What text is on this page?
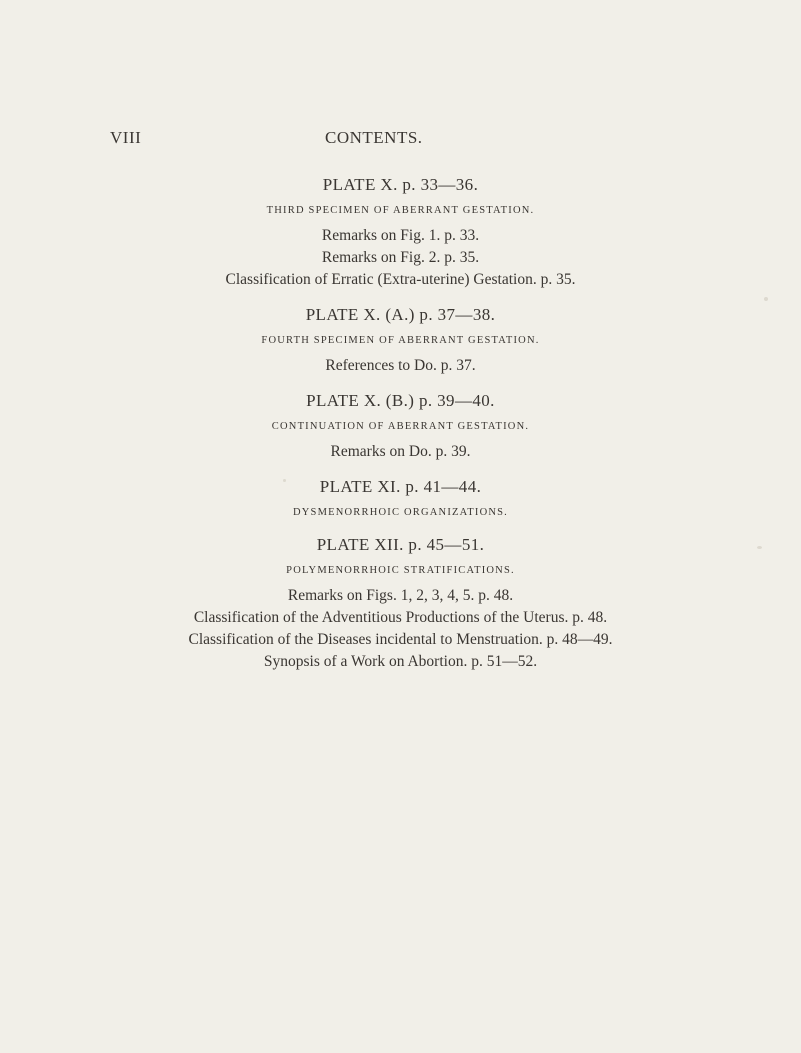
VIII	CONTENTS.
PLATE X. p. 33—36.
THIRD SPECIMEN OF ABERRANT GESTATION.
Remarks on Fig. 1. p. 33.
Remarks on Fig. 2. p. 35.
Classification of Erratic (Extra-uterine) Gestation. p. 35.
PLATE X. (A.) p. 37—38.
FOURTH SPECIMEN OF ABERRANT GESTATION.
References to Do. p. 37.
PLATE X. (B.) p. 39—40.
CONTINUATION OF ABERRANT GESTATION.
Remarks on Do. p. 39.
PLATE XI. p. 41—44.
DYSMENORRHOIC ORGANIZATIONS.
PLATE XII. p. 45—51.
POLYMENORRHOIC STRATIFICATIONS.
Remarks on Figs. 1, 2, 3, 4, 5. p. 48.
Classification of the Adventitious Productions of the Uterus. p. 48.
Classification of the Diseases incidental to Menstruation. p. 48—49.
Synopsis of a Work on Abortion. p. 51—52.
